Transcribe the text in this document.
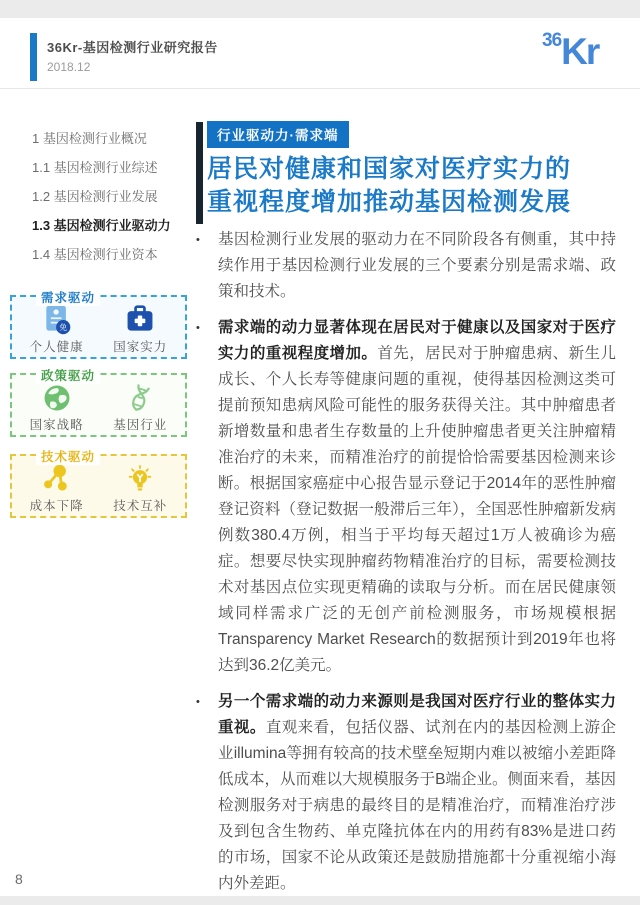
36Kr-基因检测行业研究报告
2018.12
36Kr
1 基因检测行业概况
1.1 基因检测行业综述
1.2 基因检测行业发展
1.3 基因检测行业驱动力
1.4 基因检测行业资本
需求驱动
免
个人健康	国家实力
政策驱动
国家战略	基因行业
技术驱动
成本下降	技术互补
行业驱动力·需求端
居民对健康和国家对医疗实力的
重视程度增加推动基因检测发展
•	基因检测行业发展的驱动力在不同阶段各有侧重，其中持续作用于基因检测行业发展的三个要素分别是需求端、政策和技术。

•	需求端的动力显著体现在居民对于健康以及国家对于医疗实力的重视程度增加。首先，居民对于肿瘤患病、新生儿成长、个人长寿等健康问题的重视，使得基因检测这类可提前预知患病风险可能性的服务获得关注。其中肿瘤患者新增数量和患者生存数量的上升使肿瘤患者更关注肿瘤精准治疗的未来，而精准治疗的前提恰恰需要基因检测来诊断。根据国家癌症中心报告显示登记于2014年的恶性肿瘤登记资料（登记数据一般滞后三年），全国恶性肿瘤新发病例数380.4万例，相当于平均每天超过1万人被确诊为癌症。想要尽快实现肿瘤药物精准治疗的目标，需要检测技术对基因点位实现更精确的读取与分析。而在居民健康领域同样需求广泛的无创产前检测服务，市场规模根据Transparency Market Research的数据预计到2019年也将达到36.2亿美元。

•	另一个需求端的动力来源则是我国对医疗行业的整体实力重视。直观来看，包括仪器、试剂在内的基因检测上游企业illumina等拥有较高的技术壁垒短期内难以被缩小差距降低成本，从而难以大规模服务于B端企业。侧面来看，基因检测服务对于病患的最终目的是精准治疗，而精准治疗涉及到包含生物药、单克隆抗体在内的用药有83%是进口药的市场，国家不论从政策还是鼓励措施都十分重视缩小海内外差距。

8
